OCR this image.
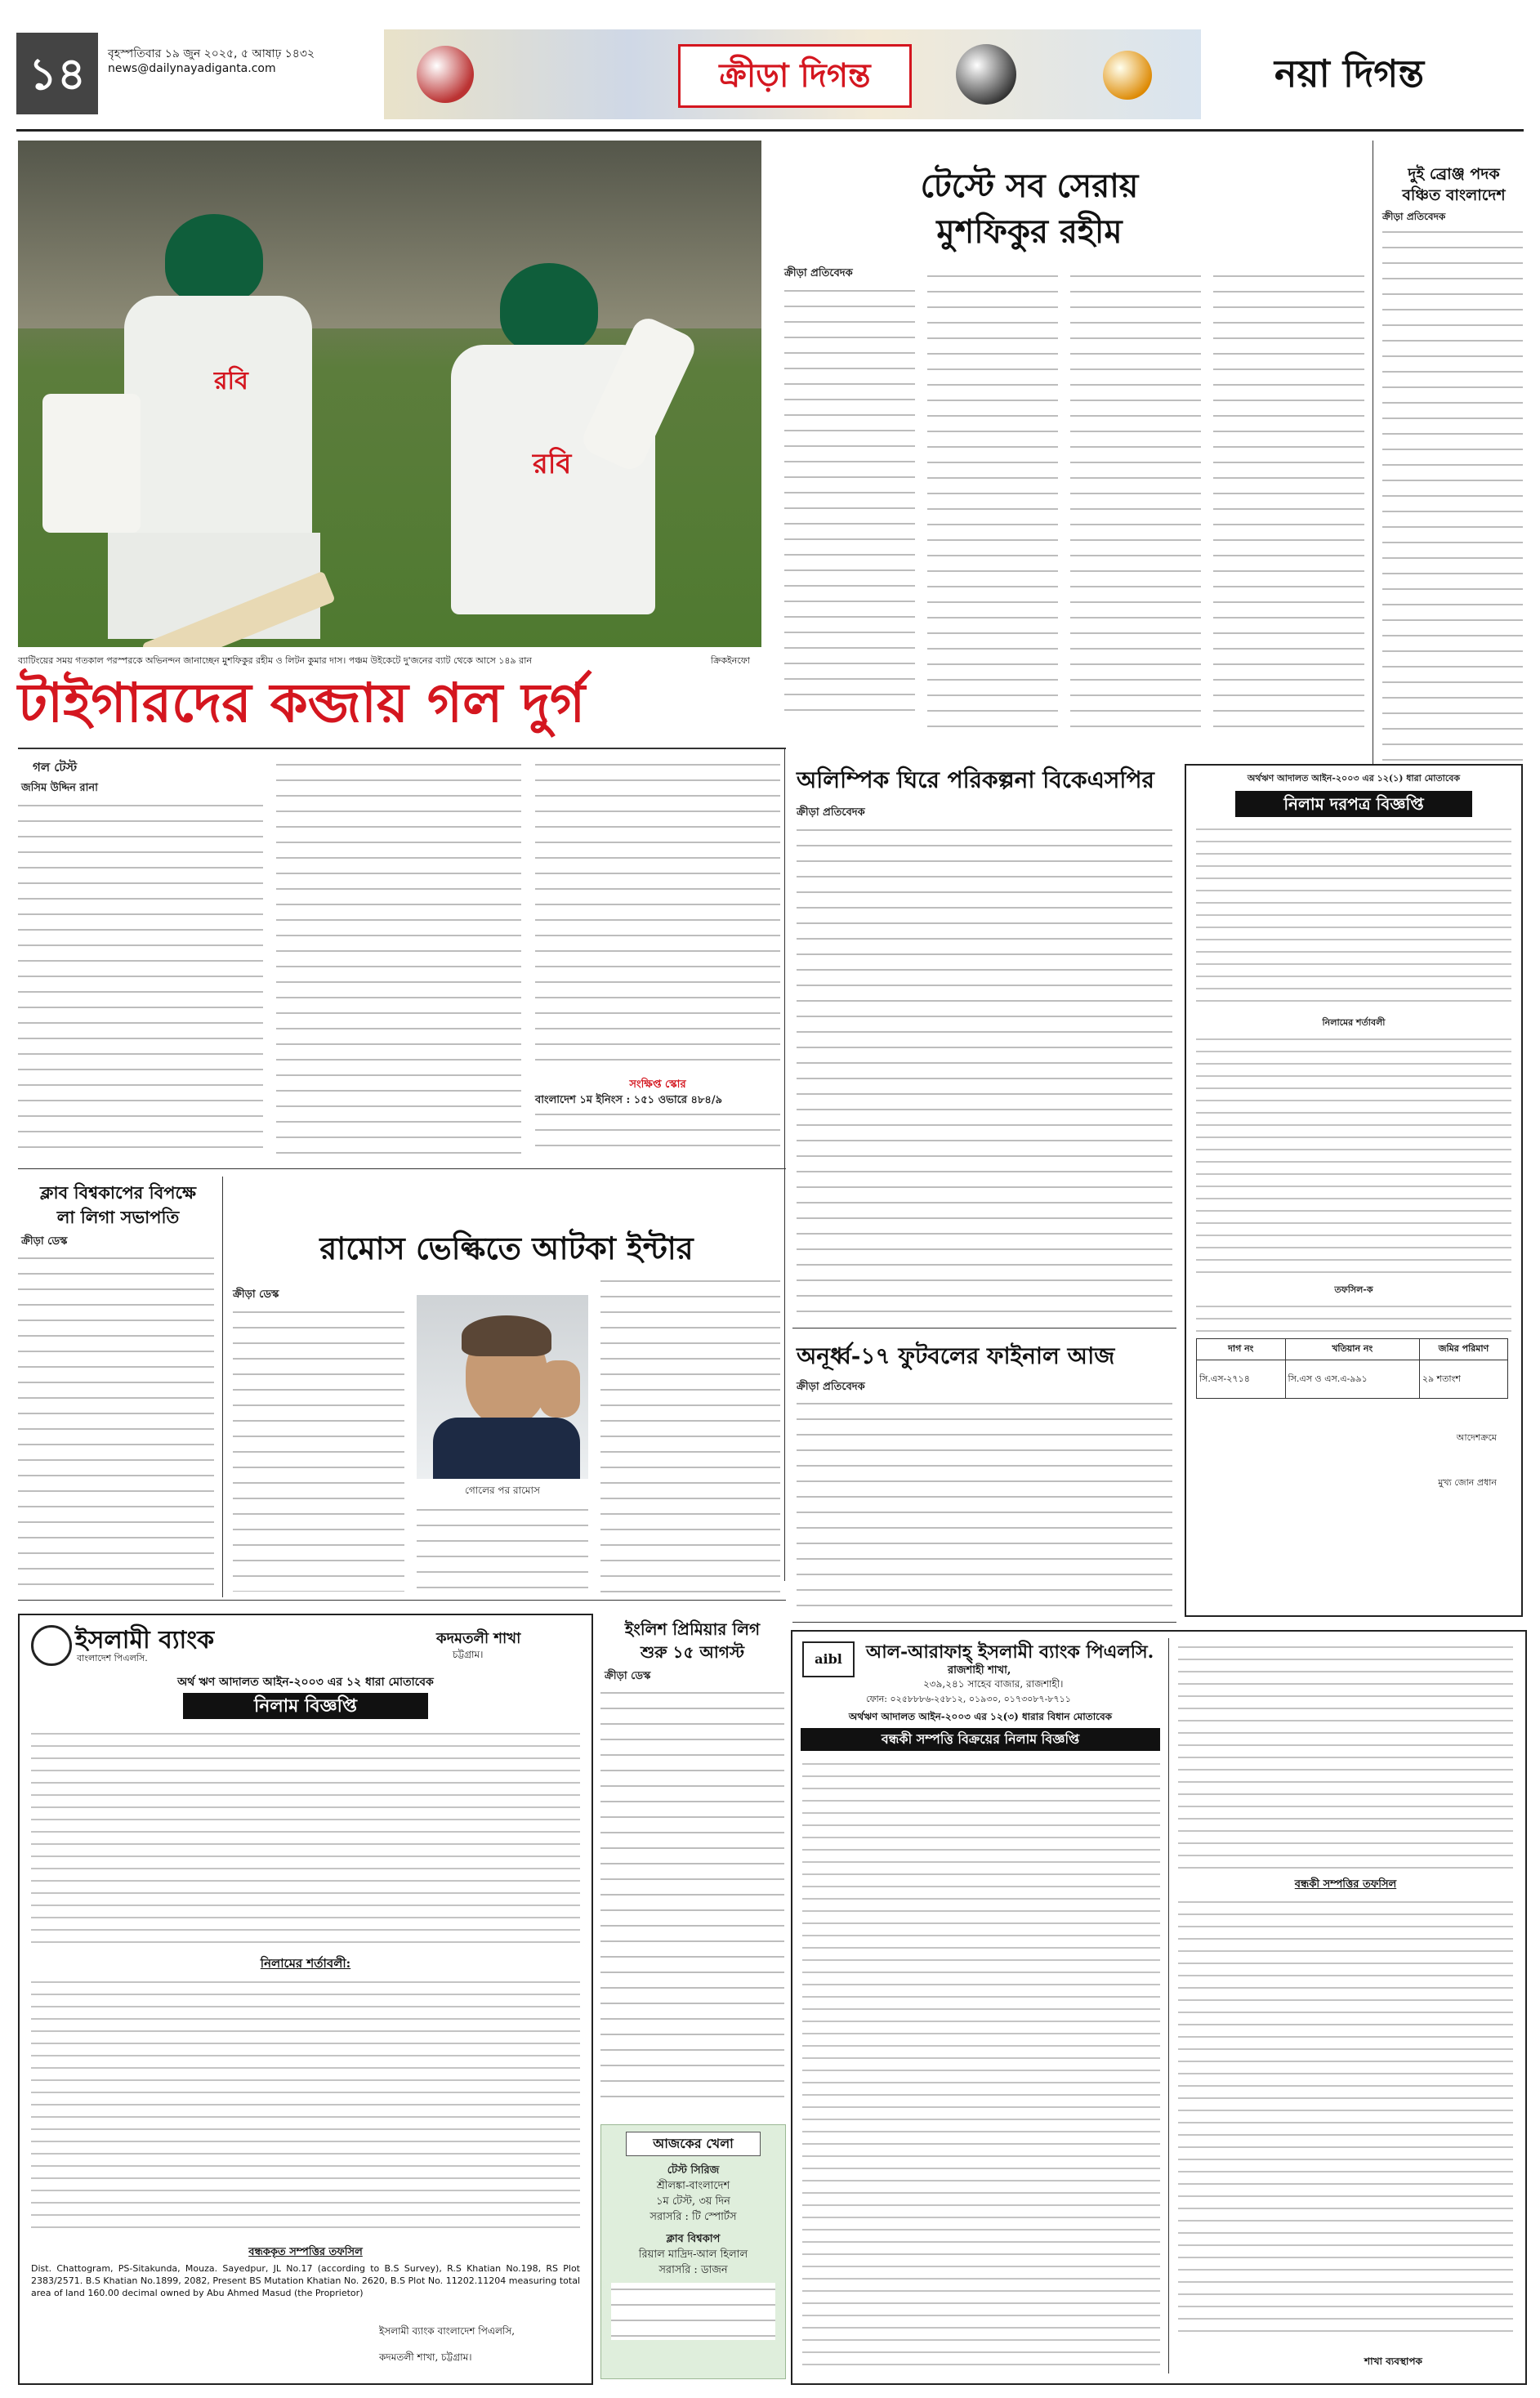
১৪	বৃহস্পতিবার ১৯ জুন ২০২৫, ৫ আষাঢ় ১৪৩২
news@dailynayadiganta.com	ক্রীড়া দিগন্ত	নয়া দিগন্ত
রবি
রবি
ব্যাটিংয়ের সময় গতকাল পরস্পরকে অভিনন্দন জানাচ্ছেন মুশফিকুর রহীম ও লিটন কুমার দাস। পঞ্চম উইকেটে দু'জনের ব্যাট থেকে আসে ১৪৯ রান	ক্রিকইনফো
টেস্টে সব সেরায়
মুশফিকুর রহীম
ক্রীড়া প্রতিবেদক
দুই ব্রোঞ্জ পদক
বঞ্চিত বাংলাদেশ
ক্রীড়া প্রতিবেদক
টাইগারদের কব্জায় গল দুর্গ
গল টেস্ট
জসিম উদ্দিন রানা
সংক্ষিপ্ত স্কোর
বাংলাদেশ ১ম ইনিংস : ১৫১ ওভারে ৪৮৪/৯
ক্লাব বিশ্বকাপের বিপক্ষে
লা লিগা সভাপতি
ক্রীড়া ডেস্ক	রামোস ভেল্কিতে আটকা ইন্টার
ক্রীড়া ডেস্ক
গোলের পর রামোস
অলিম্পিক ঘিরে পরিকল্পনা বিকেএসপির
ক্রীড়া প্রতিবেদক
অনূর্ধ্ব-১৭ ফুটবলের ফাইনাল আজ
ক্রীড়া প্রতিবেদক
অর্থঋণ আদালত আইন-২০০৩ এর ১২(১) ধারা মোতাবেক
নিলাম দরপত্র বিজ্ঞপ্তি
নিলামের শর্তাবলী
তফসিল-ক
দাগ নং	খতিয়ান নং	জমির পরিমাণ
সি.এস-২৭১৪	সি.এস ও এস.এ-৯৯১	২৯ শতাংশ
আদেশক্রমে
মুখ্য জোন প্রধান
ইসলামী ব্যাংক
বাংলাদেশ পিএলসি.
কদমতলী শাখা
চট্টগ্রাম।
অর্থ ঋণ আদালত আইন-২০০৩ এর ১২ ধারা মোতাবেক
নিলাম বিজ্ঞপ্তি
নিলামের শর্তাবলী:
বন্ধককৃত সম্পত্তির তফসিল
Dist. Chattogram, PS-Sitakunda, Mouza. Sayedpur, JL No.17 (according to B.S Survey), R.S Khatian No.198, RS Plot 2383/2571. B.S Khatian No.1899, 2082, Present BS Mutation Khatian No. 2620, B.S Plot No. 11202.11204 measuring total area of land 160.00 decimal owned by Abu Ahmed Masud (the Proprietor)
ইসলামী ব্যাংক বাংলাদেশ পিএলসি,
কদমতলী শাখা, চট্টগ্রাম।
ইংলিশ প্রিমিয়ার লিগ
শুরু ১৫ আগস্ট
ক্রীড়া ডেস্ক
আজকের খেলা
টেস্ট সিরিজ
শ্রীলঙ্কা-বাংলাদেশ
১ম টেস্ট, ৩য় দিন
সরাসরি : টি স্পোর্টস
ক্লাব বিশ্বকাপ
রিয়াল মাদ্রিদ-আল হিলাল
সরাসরি : ডাজন
aibl	আল-আরাফাহ্ ইসলামী ব্যাংক পিএলসি.
রাজশাহী শাখা,
২৩৯,২৪১ সাহেব বাজার, রাজশাহী।
ফোন: ০২৫৮৮৮৬-২৫৮১২, ০১৯৩০, ০১৭৩০৮৭-৮৭১১
অর্থঋণ আদালত আইন-২০০৩ এর ১২(৩) ধারার বিধান মোতাবেক
বন্ধকী সম্পত্তি বিক্রয়ের নিলাম বিজ্ঞপ্তি
বন্ধকী সম্পত্তির তফসিল
শাখা ব্যবস্থাপক
